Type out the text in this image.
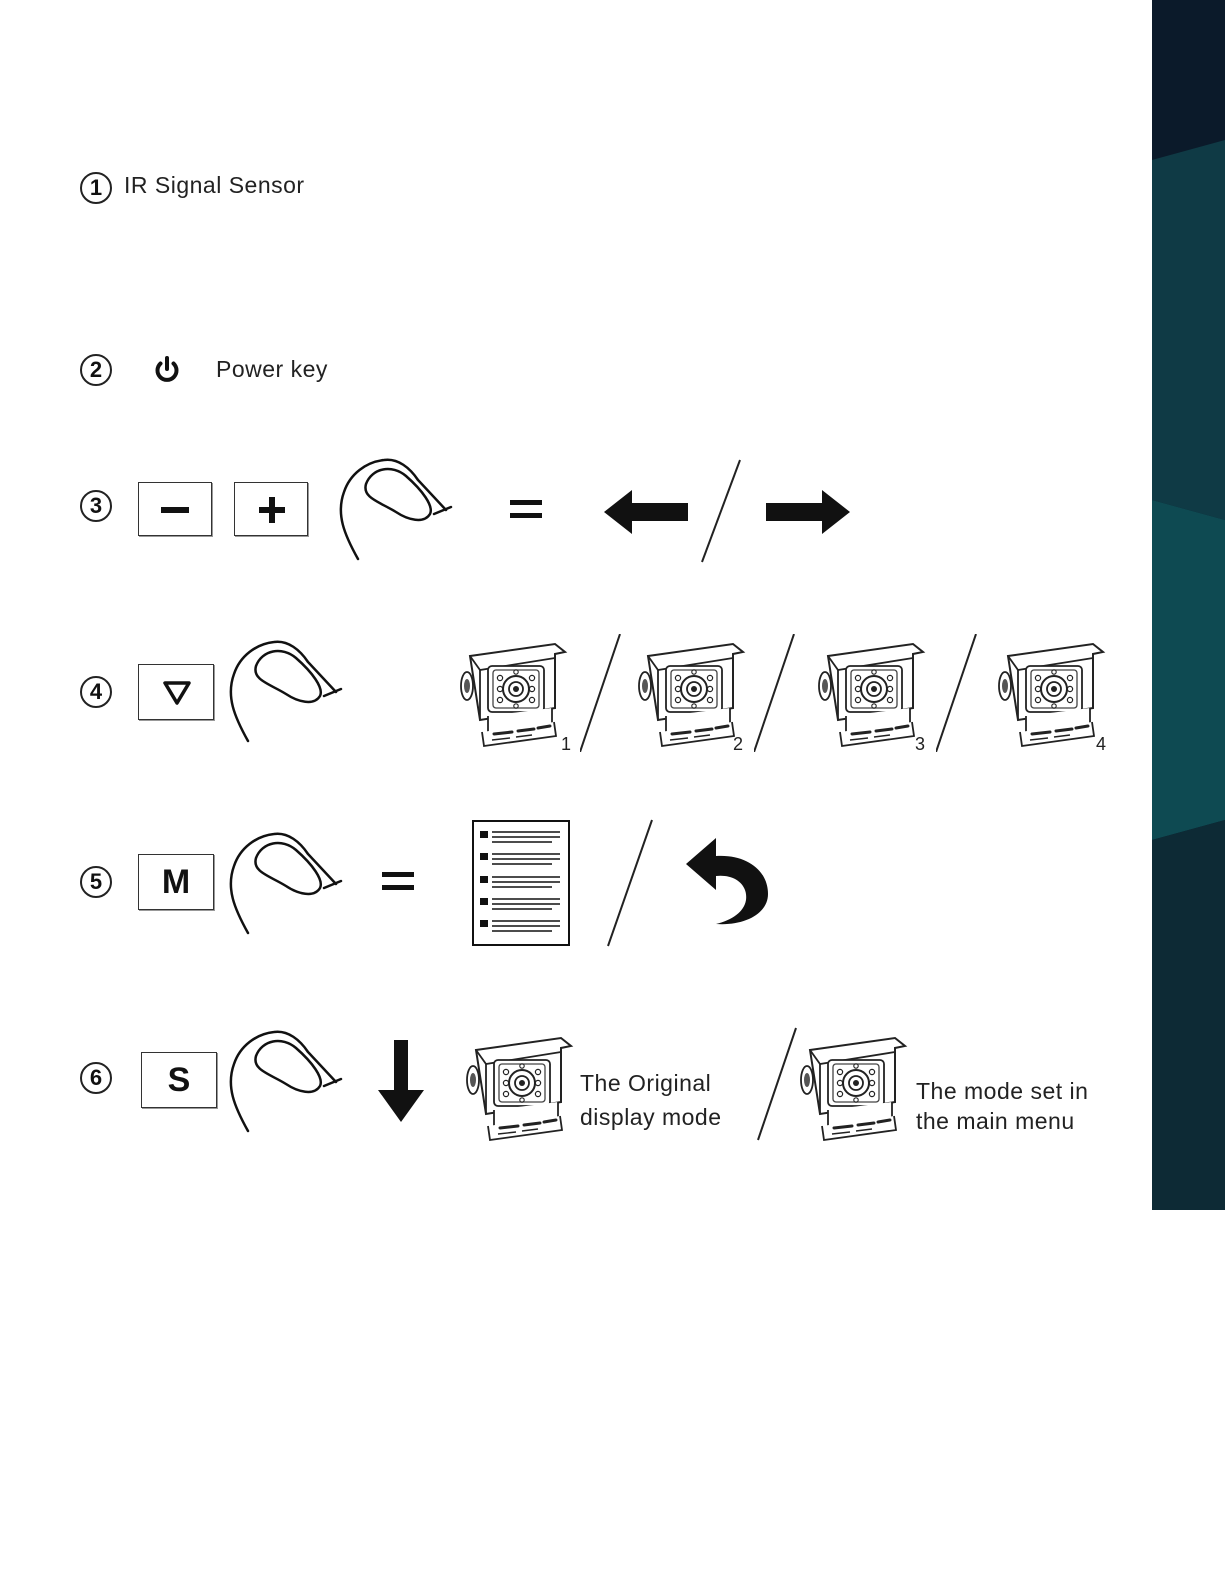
1 IR Signal Sensor
2	Power key
3
4
1	2	3	4
5	M
6	S	The Original
display mode
The mode set in
the main menu
